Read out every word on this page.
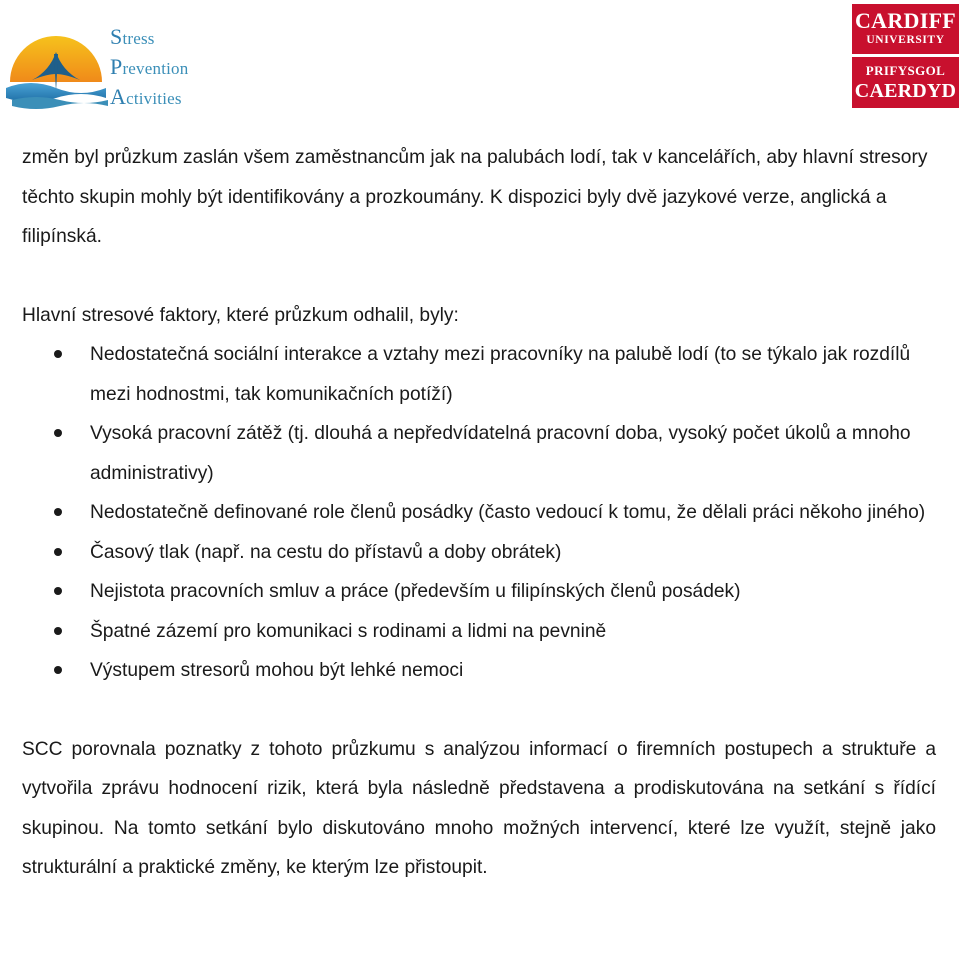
Stress
Prevention
Activities
CARDIFF
UNIVERSITY
PRIFYSGOL
CAERDYD

změn byl průzkum zaslán všem zaměstnancům jak na palubách lodí, tak v kancelářích, aby hlavní stresory těchto skupin mohly být identifikovány a prozkoumány. K dispozici byly dvě jazykové verze, anglická a filipínská.

Hlavní stresové faktory, které průzkum odhalil, byly:

Nedostatečná sociální interakce a vztahy mezi pracovníky na palubě lodí (to se týkalo jak rozdílů mezi hodnostmi, tak komunikačních potíží)
Vysoká pracovní zátěž (tj. dlouhá a nepředvídatelná pracovní doba, vysoký počet úkolů a mnoho administrativy)
Nedostatečně definované role členů posádky (často vedoucí k tomu, že dělali práci někoho jiného)
Časový tlak (např. na cestu do přístavů a doby obrátek)
Nejistota pracovních smluv a práce (především u filipínských členů posádek)
Špatné zázemí pro komunikaci s rodinami a lidmi na pevnině
Výstupem stresorů mohou být lehké nemoci

SCC porovnala poznatky z tohoto průzkumu s analýzou informací o firemních postupech a struktuře a vytvořila zprávu hodnocení rizik, která byla následně představena a prodiskutována na setkání s řídící skupinou. Na tomto setkání bylo diskutováno mnoho možných intervencí, které lze využít, stejně jako strukturální a praktické změny, ke kterým lze přistoupit.
